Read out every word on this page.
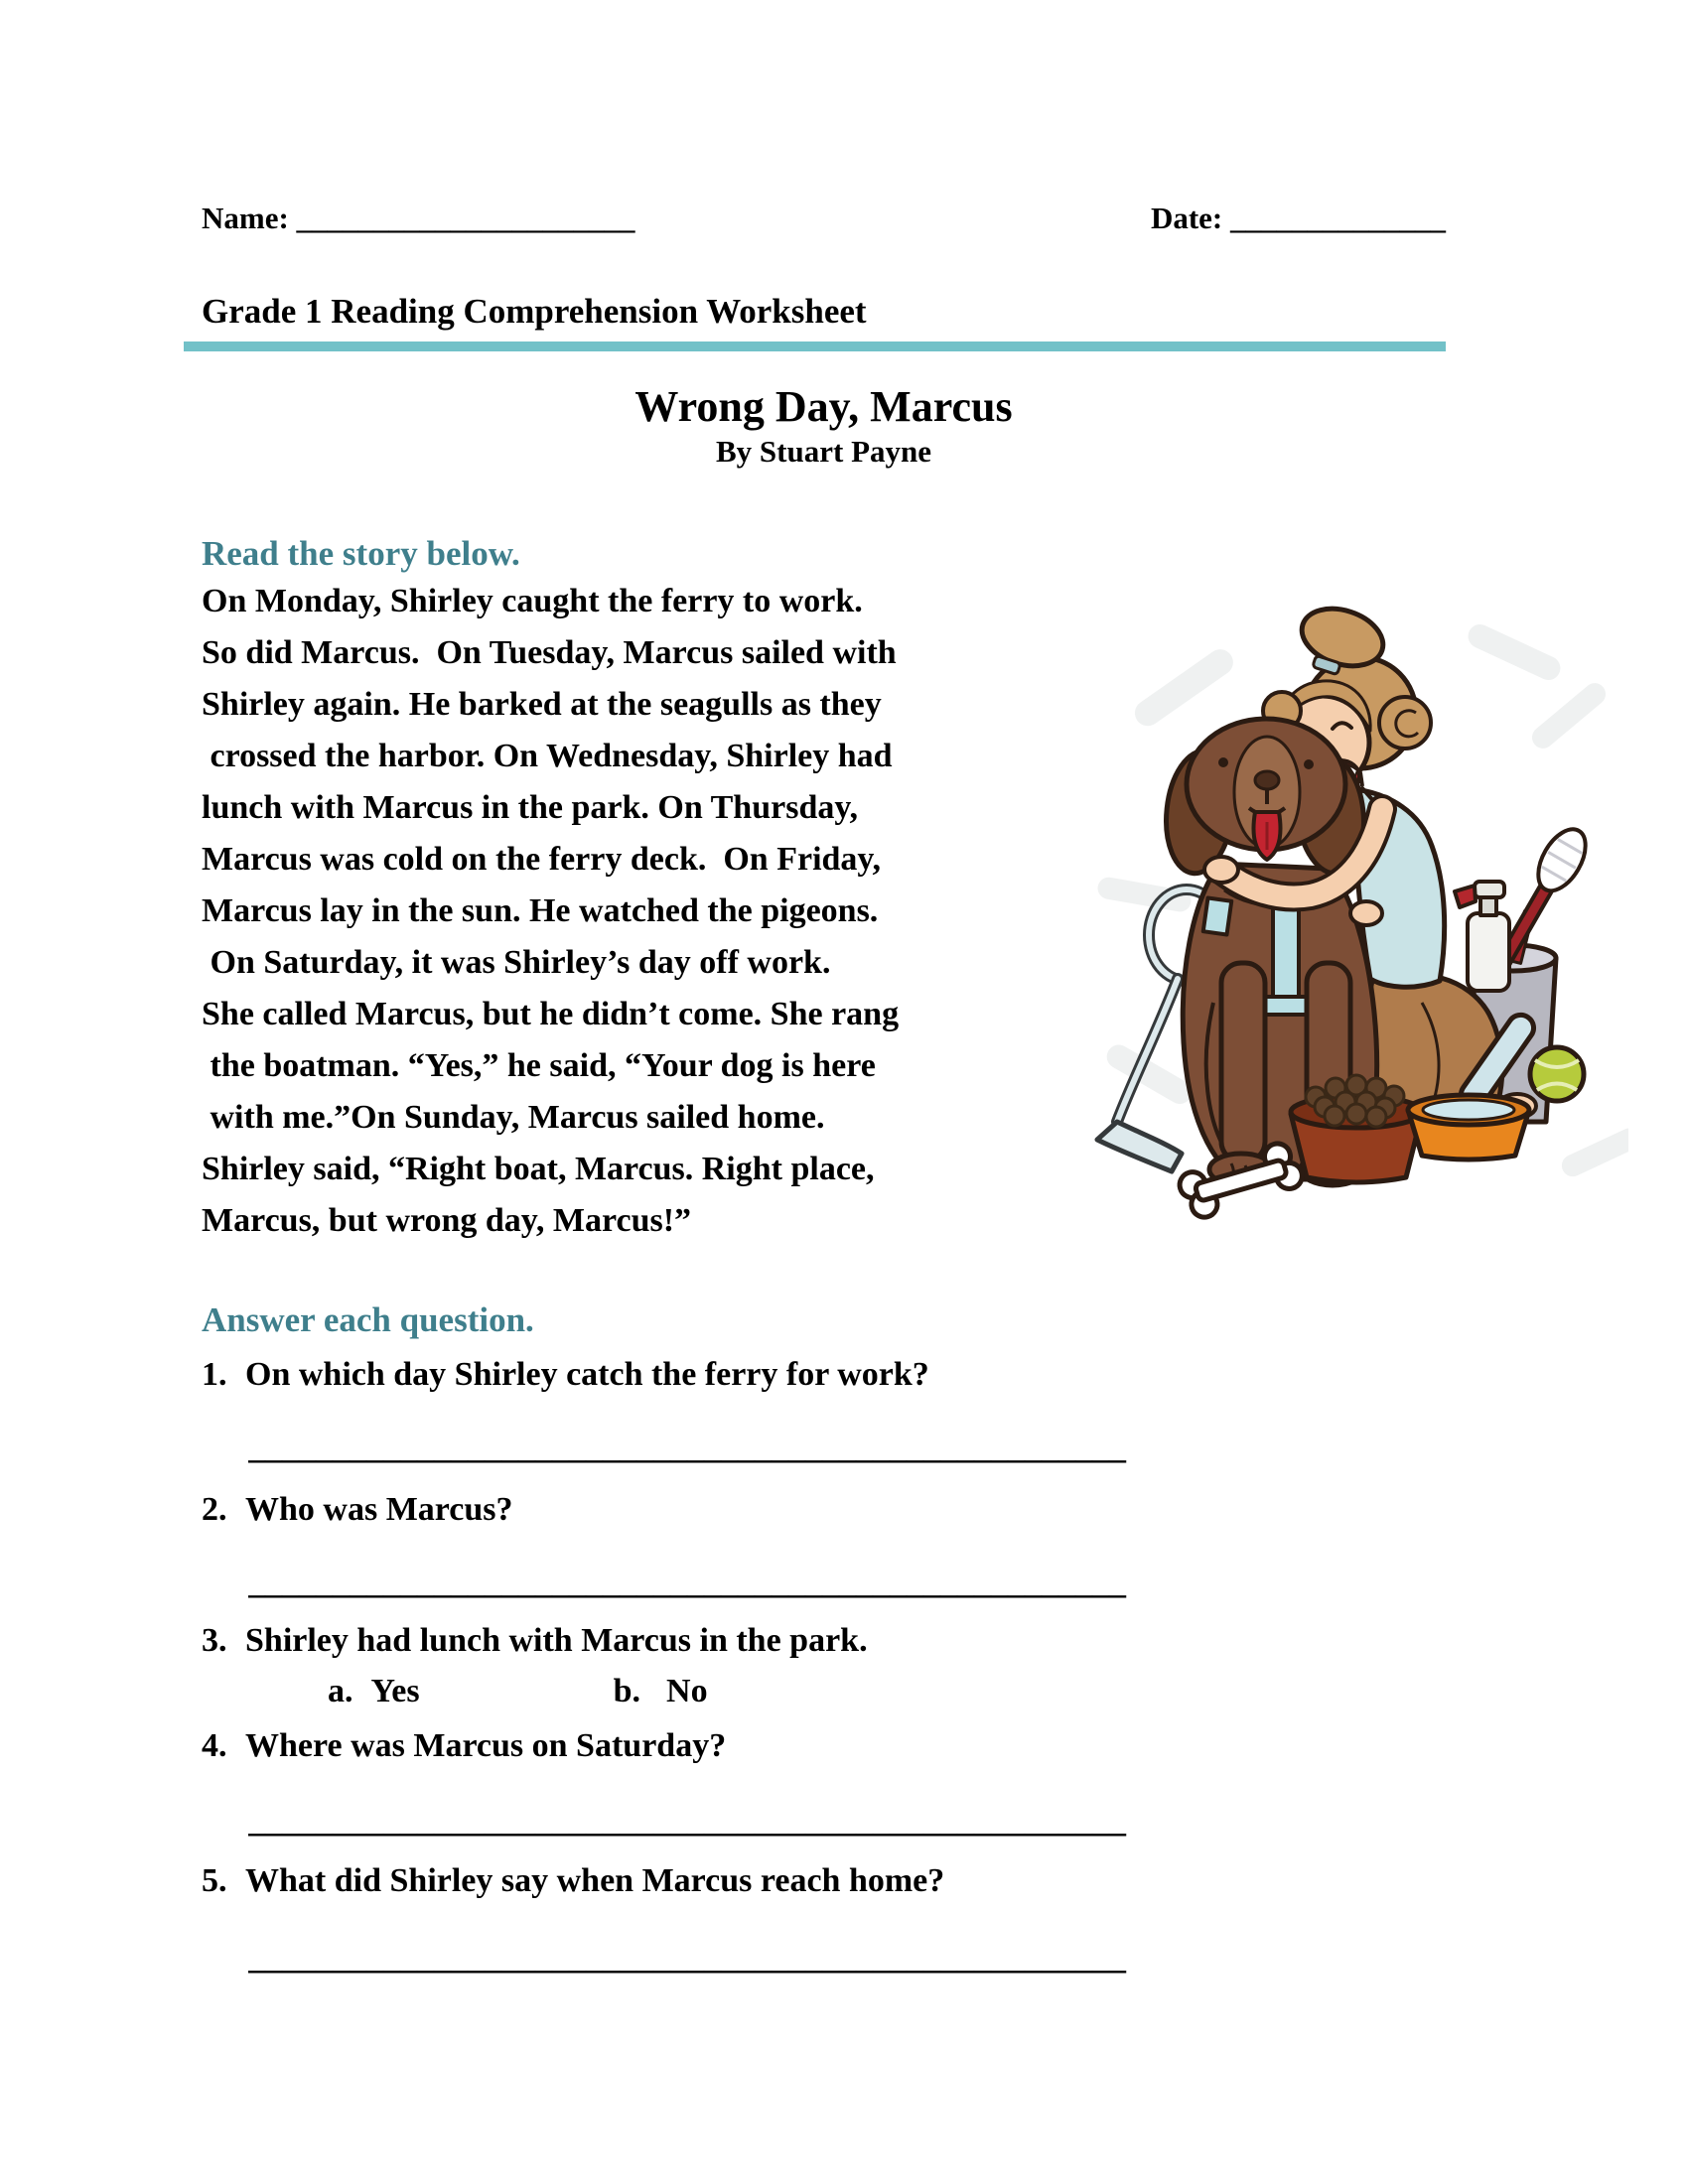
Name: ______________________	Date: ______________
Grade 1 Reading Comprehension Worksheet
Wrong Day, Marcus
By Stuart Payne
Read the story below.
On Monday, Shirley caught the ferry to work.
So did Marcus.  On Tuesday, Marcus sailed with
Shirley again. He barked at the seagulls as they
crossed the harbor. On Wednesday, Shirley had
lunch with Marcus in the park. On Thursday,
Marcus was cold on the ferry deck.  On Friday,
Marcus lay in the sun. He watched the pigeons.
On Saturday, it was Shirley’s day off work.
She called Marcus, but he didn’t come. She rang
the boatman. “Yes,” he said, “Your dog is here
with me.”On Sunday, Marcus sailed home.
Shirley said, “Right boat, Marcus. Right place,
Marcus, but wrong day, Marcus!”
Answer each question.
1. On which day Shirley catch the ferry for work?
____________________________________________________
2. Who was Marcus?
____________________________________________________
3. Shirley had lunch with Marcus in the park.
a. Yes	b. No
4. Where was Marcus on Saturday?
____________________________________________________
5. What did Shirley say when Marcus reach home?
____________________________________________________
